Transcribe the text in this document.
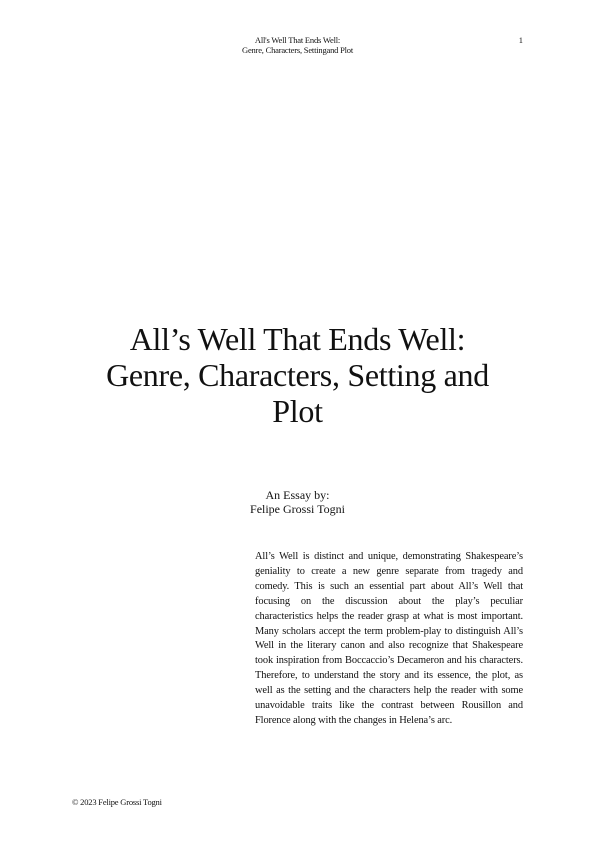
All's Well That Ends Well:
Genre, Characters, Settingand Plot
1
All’s Well That Ends Well:
Genre, Characters, Setting and
Plot
An Essay by:
Felipe Grossi Togni

All’s Well is distinct and unique, demonstrating Shakespeare’s geniality to create a new genre separate from tragedy and comedy. This is such an essential part about All’s Well that focusing on the discussion about the play’s peculiar characteristics helps the reader grasp at what is most important. Many scholars accept the term problem-play to distinguish All’s Well in the literary canon and also recognize that Shakespeare took inspiration from Boccaccio’s Decameron and his characters. Therefore, to understand the story and its essence, the plot, as well as the setting and the characters help the reader with some unavoidable traits like the contrast between Rousillon and Florence along with the changes in Helena’s arc.

© 2023 Felipe Grossi Togni
